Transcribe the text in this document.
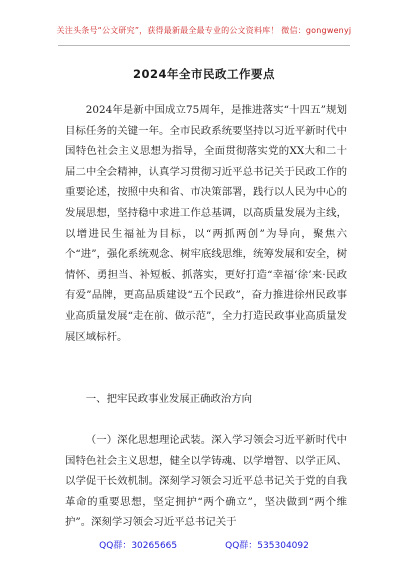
关注头条号“公文研究”，获得最新最全最专业的公文资料库！ 微信：gongwenyj
2024年全市民政工作要点

2024年是新中国成立75周年，是推进落实“十四五”规划目标任务的关键一年。全市民政系统要坚持以习近平新时代中国特色社会主义思想为指导，全面贯彻落实党的XX大和二十届二中全会精神，认真学习贯彻习近平总书记关于民政工作的重要论述，按照中央和省、市决策部署，践行以人民为中心的发展思想，坚持稳中求进工作总基调，以高质量发展为主线，以增进民生福祉为目标，以“两抓两创”为导向，聚焦六个“进”，强化系统观念、树牢底线思维，统筹发展和安全，树情怀、勇担当、补短板、抓落实，更好打造“幸福‘徐’来·民政有爱”品牌，更高品质建设“五个民政”，奋力推进徐州民政事业高质量发展“走在前、做示范”，全力打造民政事业高质量发展区域标杆。

一、把牢民政事业发展正确政治方向

（一）深化思想理论武装。深入学习领会习近平新时代中国特色社会主义思想，健全以学铸魂、以学增智、以学正风、以学促干长效机制。深刻学习领会习近平总书记关于党的自我革命的重要思想，坚定拥护“两个确立”，坚决做到“两个维护”。深刻学习领会习近平总书记关于

QQ群：30265665	QQ群：535304092
